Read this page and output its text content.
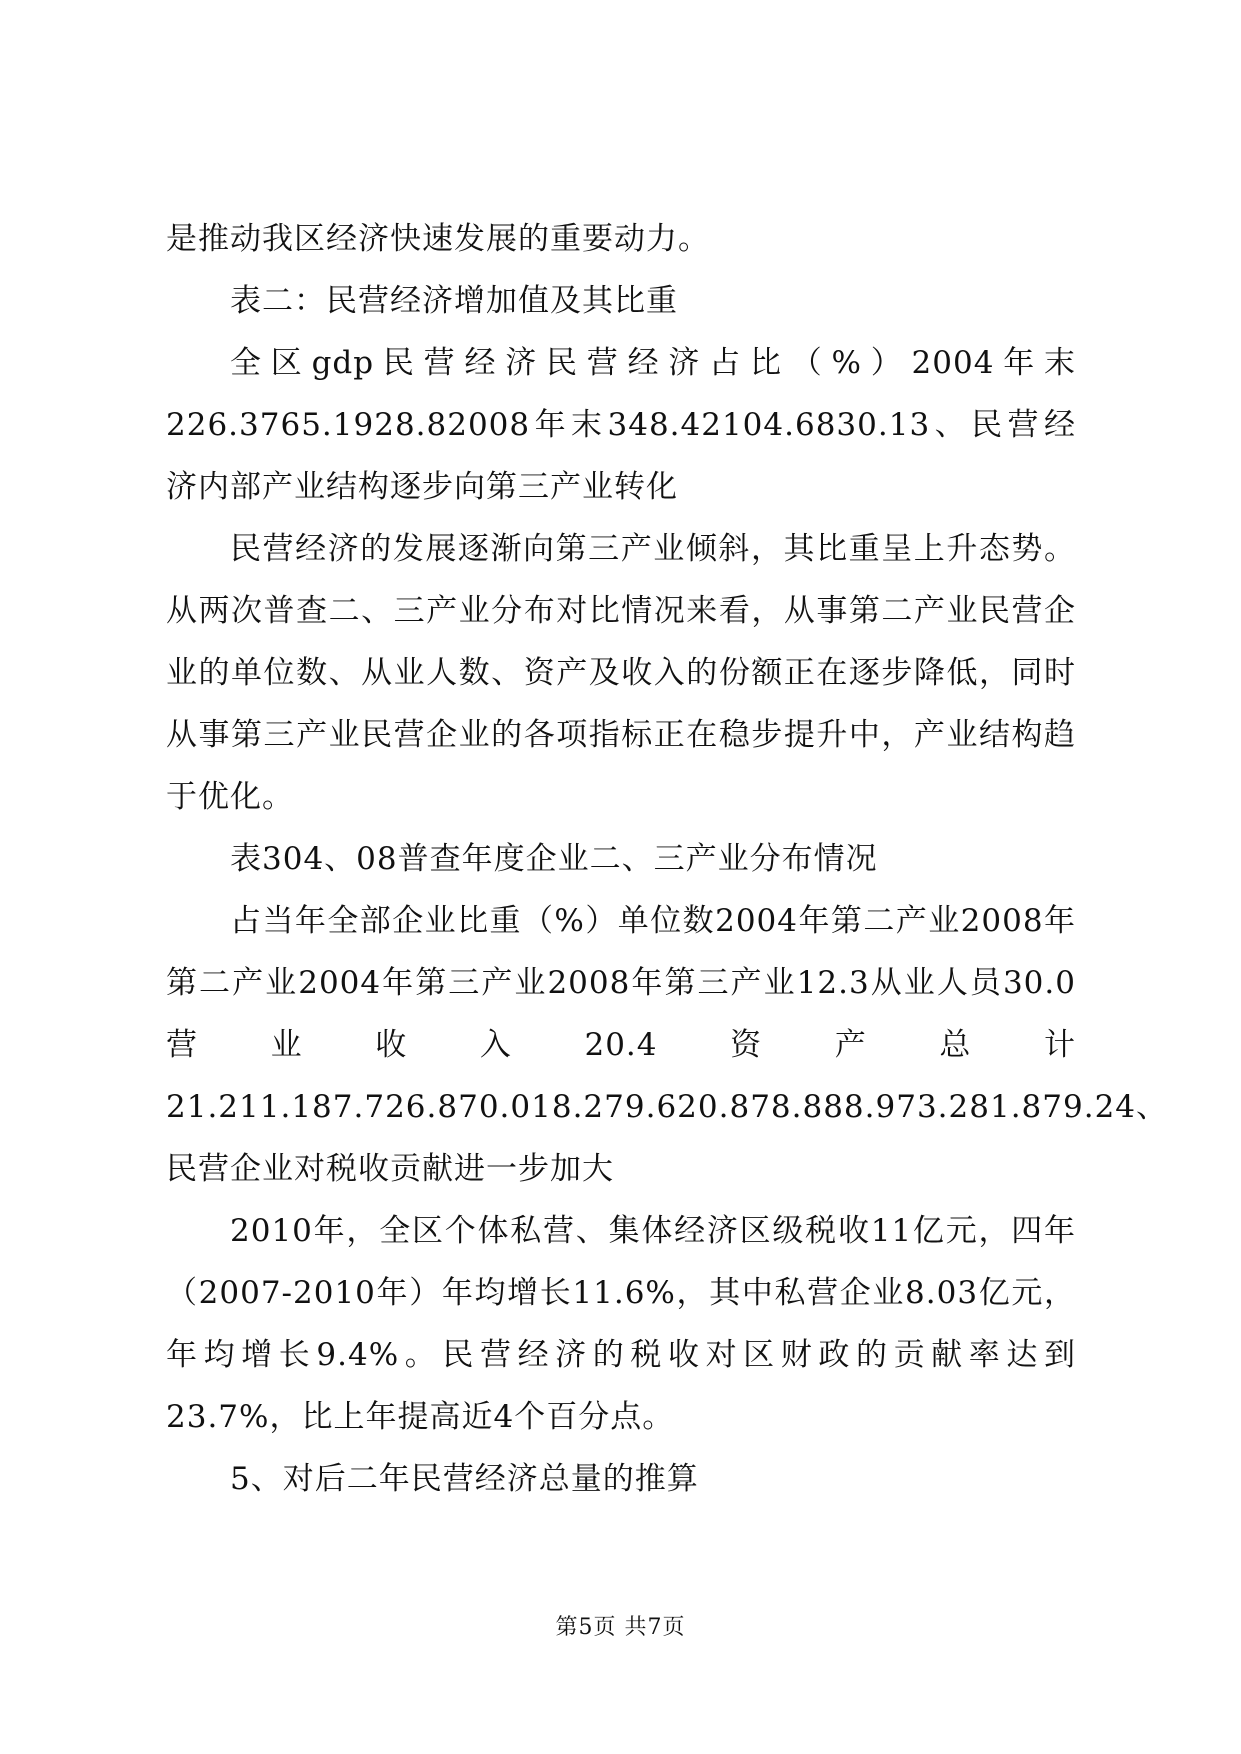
是推动我区经济快速发展的重要动力。

表二：民营经济增加值及其比重

全区gdp民营经济民营经济占比（%）2004年末226.3765.1928.82008年末348.42104.6830.13、民营经济内部产业结构逐步向第三产业转化

民营经济的发展逐渐向第三产业倾斜，其比重呈上升态势。从两次普查二、三产业分布对比情况来看，从事第二产业民营企业的单位数、从业人数、资产及收入的份额正在逐步降低，同时从事第三产业民营企业的各项指标正在稳步提升中，产业结构趋于优化。

表304、08普查年度企业二、三产业分布情况

占当年全部企业比重（%）单位数2004年第二产业2008年第二产业2004年第三产业2008年第三产业12.3从业人员30.0营业收入20.4资产总计21.211.187.726.870.018.279.620.878.888.973.281.879.24、民营企业对税收贡献进一步加大

2010年，全区个体私营、集体经济区级税收11亿元，四年（2007-2010年）年均增长11.6%，其中私营企业8.03亿元，年均增长9.4%。民营经济的税收对区财政的贡献率达到23.7%，比上年提高近4个百分点。

5、对后二年民营经济总量的推算

第5页 共7页
